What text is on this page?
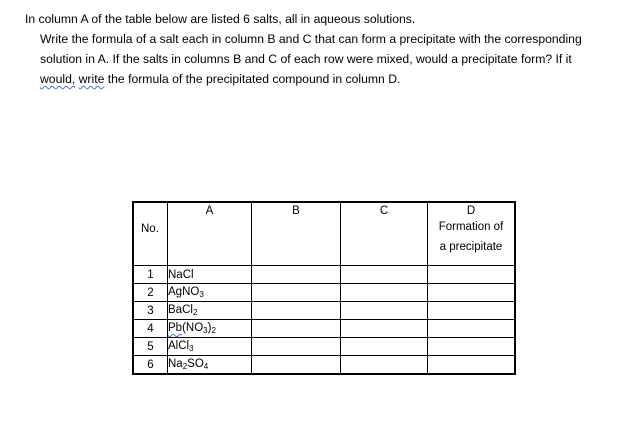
In column A of the table below are listed 6 salts, all in aqueous solutions.
Write the formula of a salt each in column B and C that can form a precipitate with the corresponding
solution in A. If the salts in columns B and C of each row were mixed, would a precipitate form? If it
would, write the formula of the precipitated compound in column D.
No.	A	B	C	D
Formation of
a precipitate

1	NaCl			
2	AgNO3			
3	BaCl2			
4	Pb(NO3)2			
5	AlCl3			
6	Na2SO4			
